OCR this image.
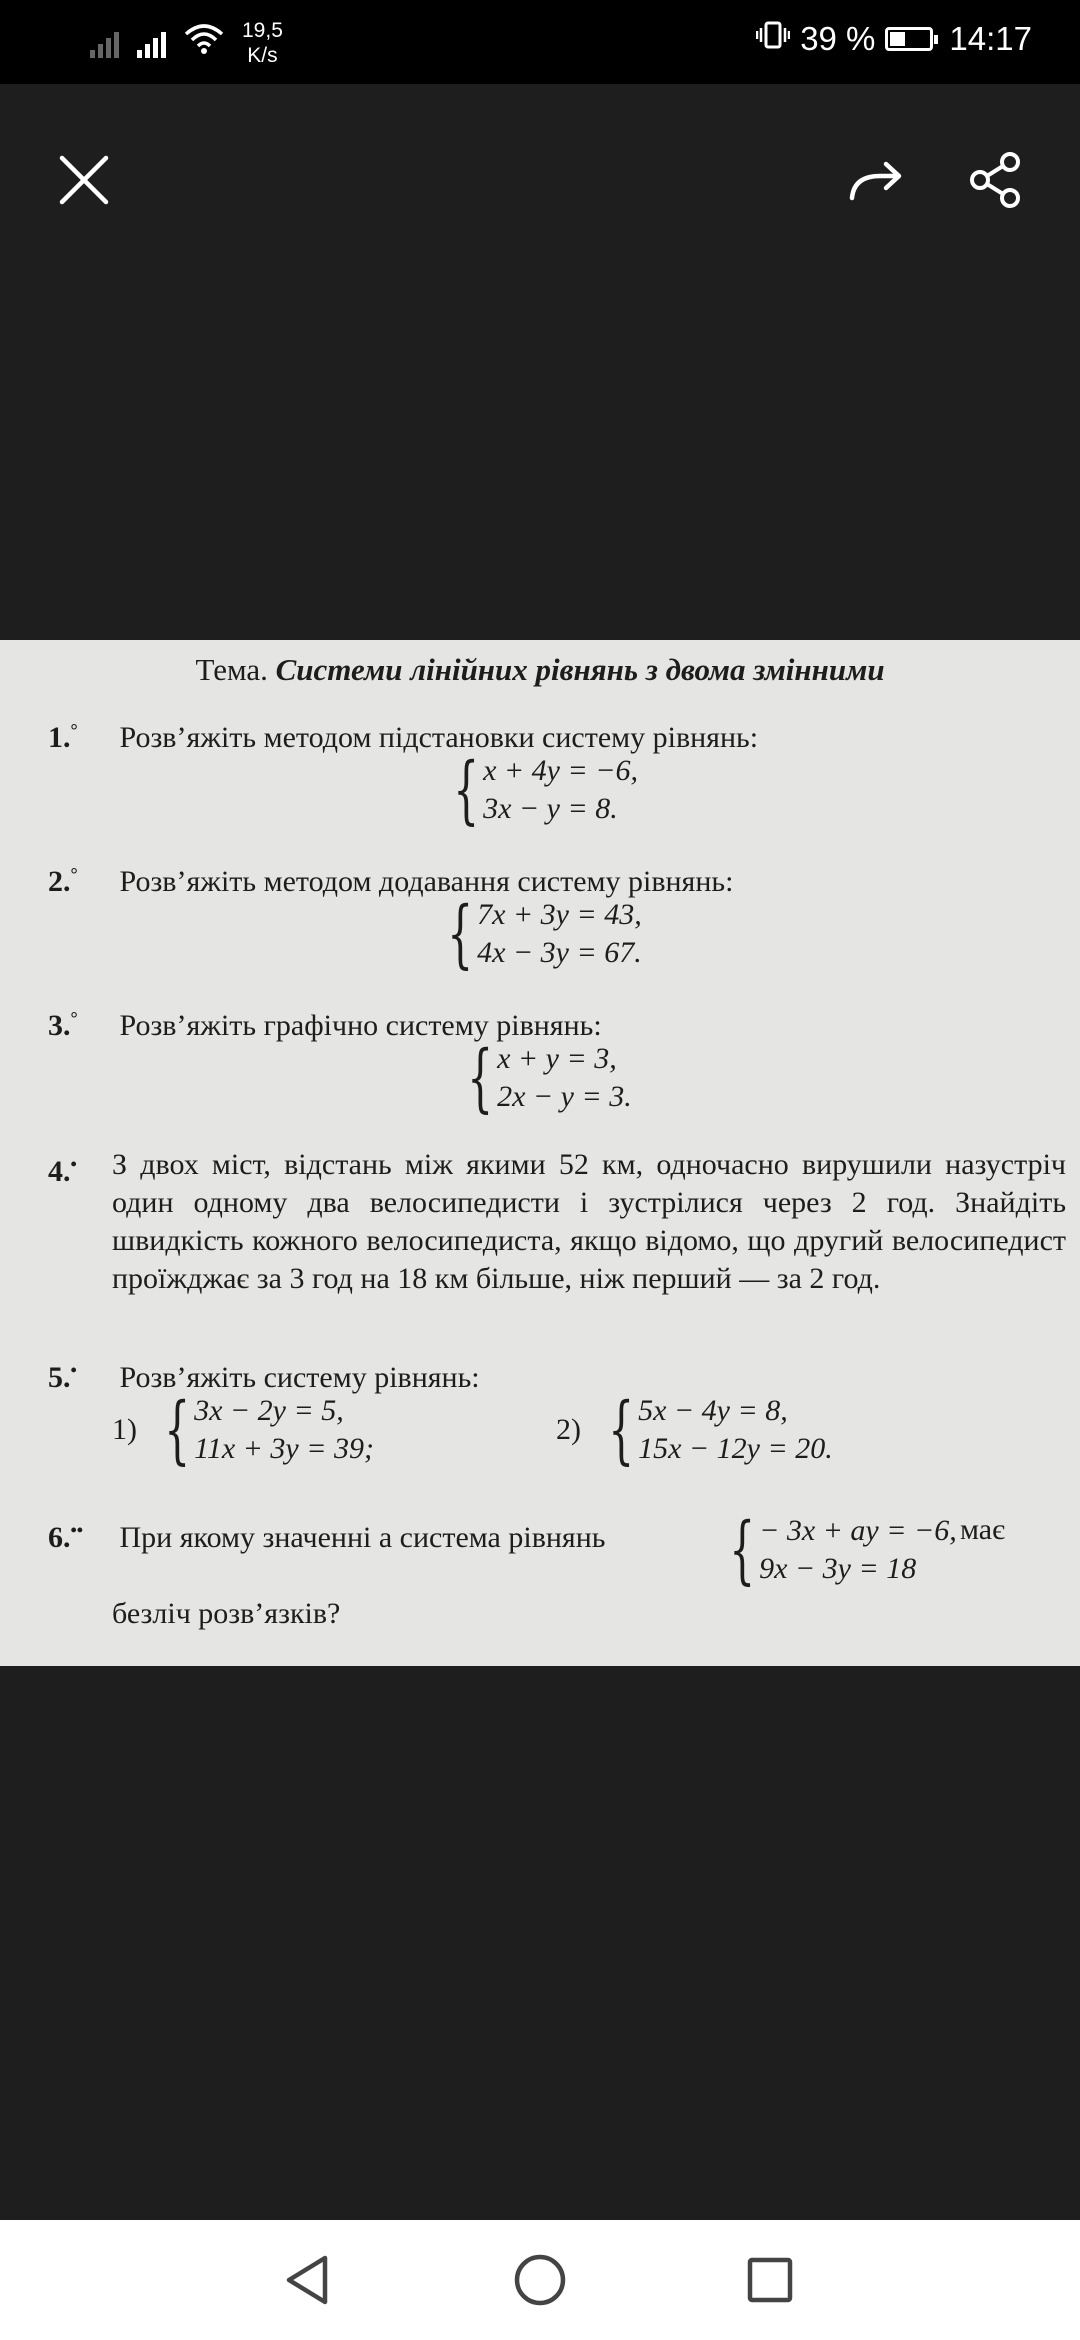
19,5
K/s	39 % 14:17
Тема. Системи лінійних рівнянь з двома змінними
1.° Розв’яжіть методом підстановки систему рівнянь:
{ x + 4y = −6,
3x − y = 8.
2.° Розв’яжіть методом додавання систему рівнянь:
{ 7x + 3y = 43,
4x − 3y = 67.
3.° Розв’яжіть графічно систему рівнянь:
{ x + y = 3,
2x − y = 3.
4.• З двох міст, відстань між якими 52 км, одночасно вирушили назустріч один одному два велосипедисти і зустрілися через 2 год. Знайдіть швидкість кожного велосипедиста, якщо відомо, що другий велосипедист проїжджає за 3 год на 18 км більше, ніж перший — за 2 год.
5.• Розв’яжіть систему рівнянь:
1) { 3x − 2y = 5,
11x + 3y = 39;
2) { 5x − 4y = 8,
15x − 12y = 20.
6.•• При якому значенні a система рівнянь	{ − 3x + ay = −6,
9x − 3y = 18
має
безліч розв’язків?
